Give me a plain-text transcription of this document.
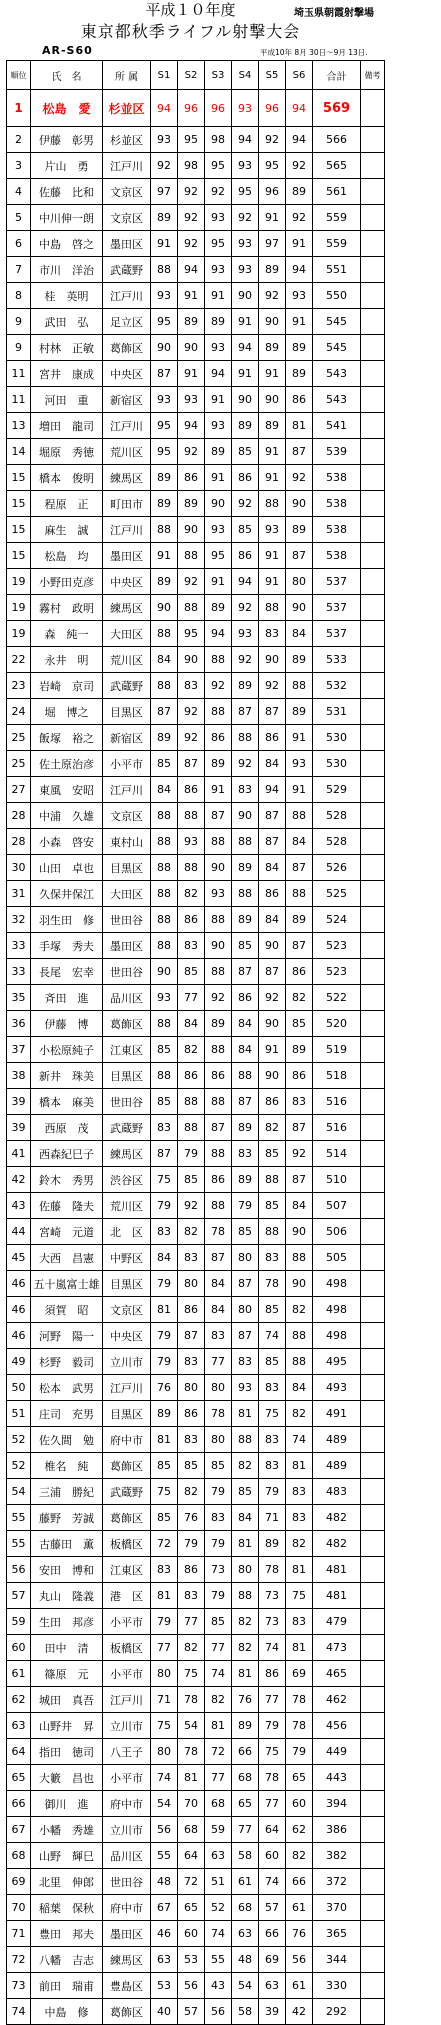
平成１０年度	埼玉県朝霞射撃場
東京都秋季ライフル射撃大会
AR-S60	平成10年 8月 30日～9月 13日.
順位	氏　名	所 属	S1	S2	S3	S4	S5	S6	合計	備考
1	松島　愛	杉並区	94	96	96	93	96	94	569	
2	伊藤　彰男	杉並区	93	95	98	94	92	94	566	
3	片山　勇	江戸川	92	98	95	93	95	92	565	
4	佐藤　比和	文京区	97	92	92	95	96	89	561	
5	中川伸一朗	文京区	89	92	93	92	91	92	559	
6	中島　啓之	墨田区	91	92	95	93	97	91	559	
7	市川　洋治	武蔵野	88	94	93	93	89	94	551	
8	桂　英明	江戸川	93	91	91	90	92	93	550	
9	武田　弘	足立区	95	89	89	91	90	91	545	
9	村林　正敏	葛飾区	90	90	93	94	89	89	545	
11	宮井　康成	中央区	87	91	94	91	91	89	543	
11	河田　重	新宿区	93	93	91	90	90	86	543	
13	増田　龍司	江戸川	95	94	93	89	89	81	541	
14	堀原　秀徳	荒川区	95	92	89	85	91	87	539	
15	橋本　俊明	練馬区	89	86	91	86	91	92	538	
15	程原　正	町田市	89	89	90	92	88	90	538	
15	麻生　誠	江戸川	88	90	93	85	93	89	538	
15	松島　均	墨田区	91	88	95	86	91	87	538	
19	小野田克彦	中央区	89	92	91	94	91	80	537	
19	霧村　政明	練馬区	90	88	89	92	88	90	537	
19	森　純一	大田区	88	95	94	93	83	84	537	
22	永井　明	荒川区	84	90	88	92	90	89	533	
23	岩崎　京司	武蔵野	88	83	92	89	92	88	532	
24	堀　博之	目黒区	87	92	88	87	87	89	531	
25	飯塚　裕之	新宿区	89	92	86	88	86	91	530	
25	佐土原治彦	小平市	85	87	89	92	84	93	530	
27	東風　安昭	江戸川	84	86	91	83	94	91	529	
28	中浦　久雄	文京区	88	88	87	90	87	88	528	
28	小森　啓安	東村山	88	93	88	88	87	84	528	
30	山田　卓也	目黒区	88	88	90	89	84	87	526	
31	久保井保江	大田区	88	82	93	88	86	88	525	
32	羽生田　修	世田谷	88	86	88	89	84	89	524	
33	手塚　秀夫	墨田区	88	83	90	85	90	87	523	
33	長尾　宏幸	世田谷	90	85	88	87	87	86	523	
35	斉田　進	品川区	93	77	92	86	92	82	522	
36	伊藤　博	葛飾区	88	84	89	84	90	85	520	
37	小松原純子	江東区	85	82	88	84	91	89	519	
38	新井　珠美	目黒区	88	86	86	88	90	86	518	
39	橋本　麻美	世田谷	85	88	88	87	86	83	516	
39	西原　茂	武蔵野	83	88	87	89	82	87	516	
41	西森紀巳子	練馬区	87	79	88	83	85	92	514	
42	鈴木　秀男	渋谷区	75	85	86	89	88	87	510	
43	佐藤　隆夫	荒川区	79	92	88	79	85	84	507	
44	宮崎　元道	北　区	83	82	78	85	88	90	506	
45	大西　昌憲	中野区	84	83	87	80	83	88	505	
46	五十嵐富士雄	目黒区	79	80	84	87	78	90	498	
46	須賀　昭	文京区	81	86	84	80	85	82	498	
46	河野　陽一	中央区	79	87	83	87	74	88	498	
49	杉野　毅司	立川市	79	83	77	83	85	88	495	
50	松本　武男	江戸川	76	80	80	93	83	84	493	
51	庄司　充男	目黒区	89	86	78	81	75	82	491	
52	佐久間　勉	府中市	81	83	80	88	83	74	489	
52	椎名　純	葛飾区	85	85	85	82	83	81	489	
54	三浦　勝紀	武蔵野	75	82	79	85	79	83	483	
55	藤野　芳誠	葛飾区	85	76	83	84	71	83	482	
55	古藤田　薫	板橋区	72	79	79	81	89	82	482	
56	安田　博和	江東区	83	86	73	80	78	81	481	
57	丸山　隆義	港　区	81	83	79	88	73	75	481	
59	生田　邦彦	小平市	79	77	85	82	73	83	479	
60	田中　清	板橋区	77	82	77	82	74	81	473	
61	篠原　元	小平市	80	75	74	81	86	69	465	
62	城田　真吾	江戸川	71	78	82	76	77	78	462	
63	山野井　昇	立川市	75	54	81	89	79	78	456	
64	指田　徳司	八王子	80	78	72	66	75	79	449	
65	大籔　昌也	小平市	74	81	77	68	78	65	443	
66	御川　進	府中市	54	70	68	65	77	60	394	
67	小幡　秀雄	立川市	56	68	59	77	64	62	386	
68	山野　輝巳	品川区	55	64	63	58	60	82	382	
69	北里　伸郎	世田谷	48	72	51	61	74	66	372	
70	稲葉　保秋	府中市	67	65	52	68	57	61	370	
71	豊田　邦夫	墨田区	46	60	74	63	66	76	365	
72	八幡　吉志	練馬区	63	53	55	48	69	56	344	
73	前田　瑞甫	豊島区	53	56	43	54	63	61	330	
74	中島　修	葛飾区	40	57	56	58	39	42	292	
